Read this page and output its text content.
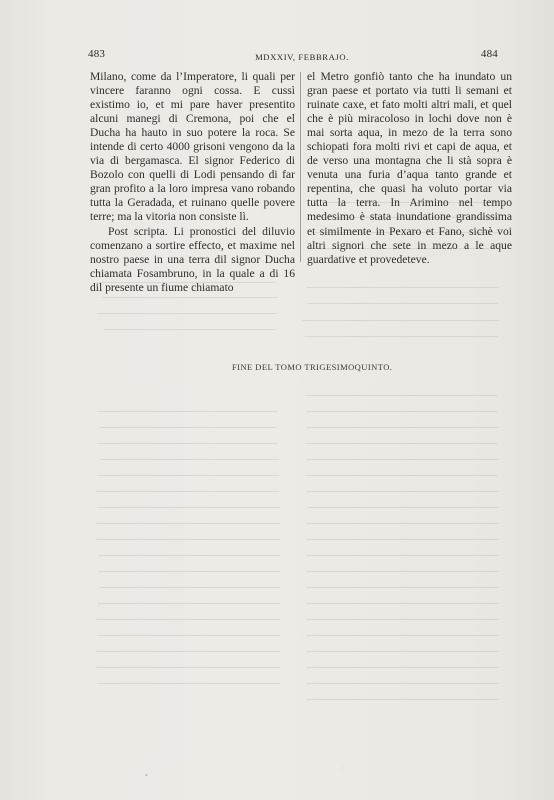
483	MDXXIV, FEBBRAJO.	484

Milano, come da l’Imperatore, li quali per vincere faranno ogni cossa. E cussì existimo io, et mi pare haver presentito alcuni manegi di Cremona, poi che el Ducha ha hauto in suo potere la roca. Se intende di certo 4000 grisoni vengono da la via di bergamasca. El signor Federico di Bozolo con quelli di Lodi pensando di far gran profito a la loro impresa vano robando tutta la Geradada, et ruinano quelle povere terre; ma la vitoria non consiste lì.

Post scripta. Li pronostici del diluvio comenzano a sortire effecto, et maxime nel nostro paese in una terra dil signor Ducha chiamata Fosambruno, in la quale a di 16 dil presente un fiume chiamato

el Metro gonfiò tanto che ha inundato un gran paese et portato via tutti li semani et ruinate caxe, et fato molti altri mali, et quel che è più miracoloso in lochi dove non è mai sorta aqua, in mezo de la terra sono schiopati fora molti rivi et capi de aqua, et de verso una montagna che li stà sopra è venuta una furia d’aqua tanto grande et repentina, che quasi ha voluto portar via tutta la terra. In Arimino nel tempo medesimo è stata inundatione grandissima et similmente in Pexaro et Fano, sichè voi altri signori che sete in mezo a le aque guardative et provedeteve.

FINE DEL TOMO TRIGESIMOQUINTO.
•
·
·
